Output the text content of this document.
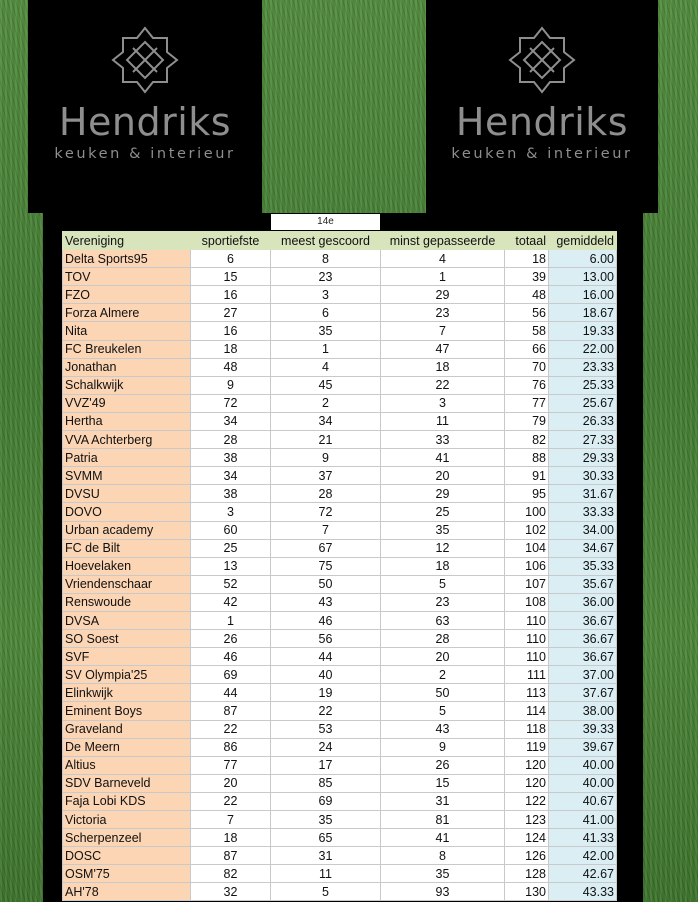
Hendriks
keuken & interieur
Hendriks
keuken & interieur
14e
Vereniging	sportiefste	meest gescoord	minst gepasseerde	totaal	gemiddeld
Delta Sports95	6	8	4	18	6.00
TOV	15	23	1	39	13.00
FZO	16	3	29	48	16.00
Forza Almere	27	6	23	56	18.67
Nita	16	35	7	58	19.33
FC Breukelen	18	1	47	66	22.00
Jonathan	48	4	18	70	23.33
Schalkwijk	9	45	22	76	25.33
VVZ'49	72	2	3	77	25.67
Hertha	34	34	11	79	26.33
VVA Achterberg	28	21	33	82	27.33
Patria	38	9	41	88	29.33
SVMM	34	37	20	91	30.33
DVSU	38	28	29	95	31.67
DOVO	3	72	25	100	33.33
Urban academy	60	7	35	102	34.00
FC de Bilt	25	67	12	104	34.67
Hoevelaken	13	75	18	106	35.33
Vriendenschaar	52	50	5	107	35.67
Renswoude	42	43	23	108	36.00
DVSA	1	46	63	110	36.67
SO Soest	26	56	28	110	36.67
SVF	46	44	20	110	36.67
SV Olympia'25	69	40	2	111	37.00
Elinkwijk	44	19	50	113	37.67
Eminent Boys	87	22	5	114	38.00
Graveland	22	53	43	118	39.33
De Meern	86	24	9	119	39.67
Altius	77	17	26	120	40.00
SDV Barneveld	20	85	15	120	40.00
Faja Lobi KDS	22	69	31	122	40.67
Victoria	7	35	81	123	41.00
Scherpenzeel	18	65	41	124	41.33
DOSC	87	31	8	126	42.00
OSM'75	82	11	35	128	42.67
AH'78	32	5	93	130	43.33
